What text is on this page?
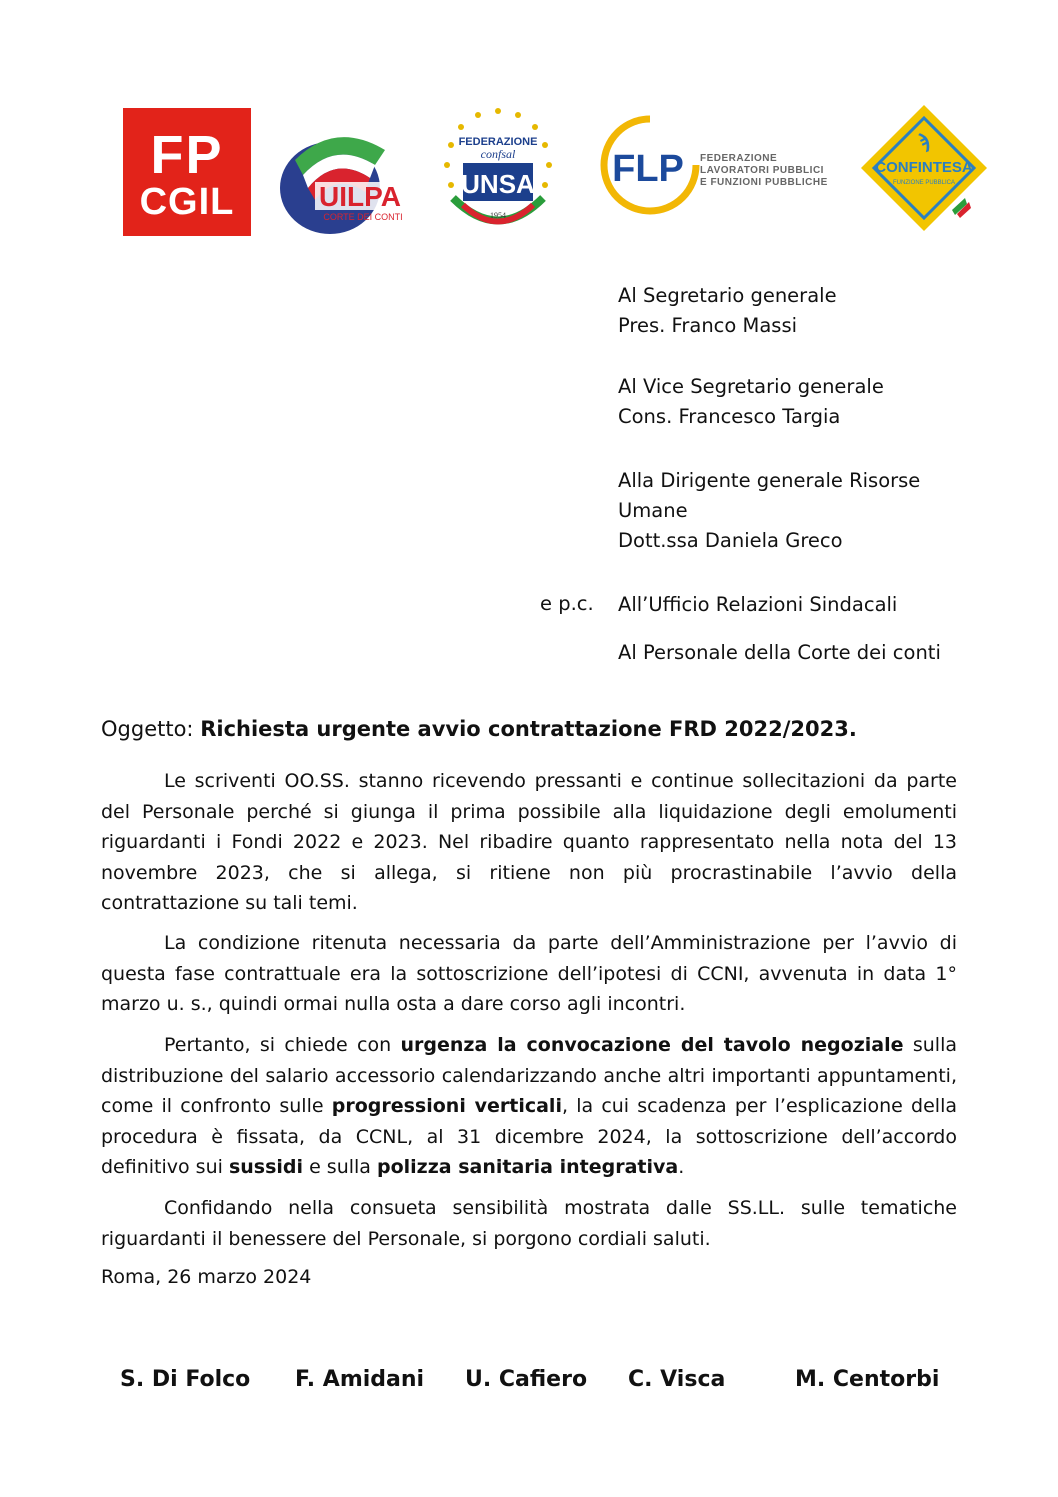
FP
CGIL	UILPA
CORTE DEI CONTI
FEDERAZIONE
confsal
UNSA
1954
FLP FEDERAZIONE
LAVORATORI PUBBLICI
E FUNZIONI PUBBLICHE
ϡ
CONFINTESA
FUNZIONE PUBBLICA
Al Segretario generale
Pres. Franco Massi
Al Vice Segretario generale
Cons. Francesco Targia
Alla Dirigente generale Risorse
Umane
Dott.ssa Daniela Greco
e p.c. All’Ufficio Relazioni Sindacali
Al Personale della Corte dei conti
Oggetto: Richiesta urgente avvio contrattazione FRD 2022/2023.
Le scriventi OO.SS. stanno ricevendo pressanti e continue sollecitazioni da parte del Personale perché si giunga il prima possibile alla liquidazione degli emolumenti riguardanti i Fondi 2022 e 2023. Nel ribadire quanto rappresentato nella nota del 13 novembre 2023, che si allega, si ritiene non più procrastinabile l’avvio della contrattazione su tali temi.
La condizione ritenuta necessaria da parte dell’Amministrazione per l’avvio di questa fase contrattuale era la sottoscrizione dell’ipotesi di CCNI, avvenuta in data 1° marzo u. s., quindi ormai nulla osta a dare corso agli incontri.
Pertanto, si chiede con urgenza la convocazione del tavolo negoziale sulla distribuzione del salario accessorio calendarizzando anche altri importanti appuntamenti, come il confronto sulle progressioni verticali, la cui scadenza per l’esplicazione della procedura è fissata, da CCNL, al 31 dicembre 2024, la sottoscrizione dell’accordo definitivo sui sussidi e sulla polizza sanitaria integrativa.
Confidando nella consueta sensibilità mostrata dalle SS.LL. sulle tematiche riguardanti il benessere del Personale, si porgono cordiali saluti.
Roma, 26 marzo 2024
S. Di Folco F. Amidani U. Cafiero C. Visca	M. Centorbi
